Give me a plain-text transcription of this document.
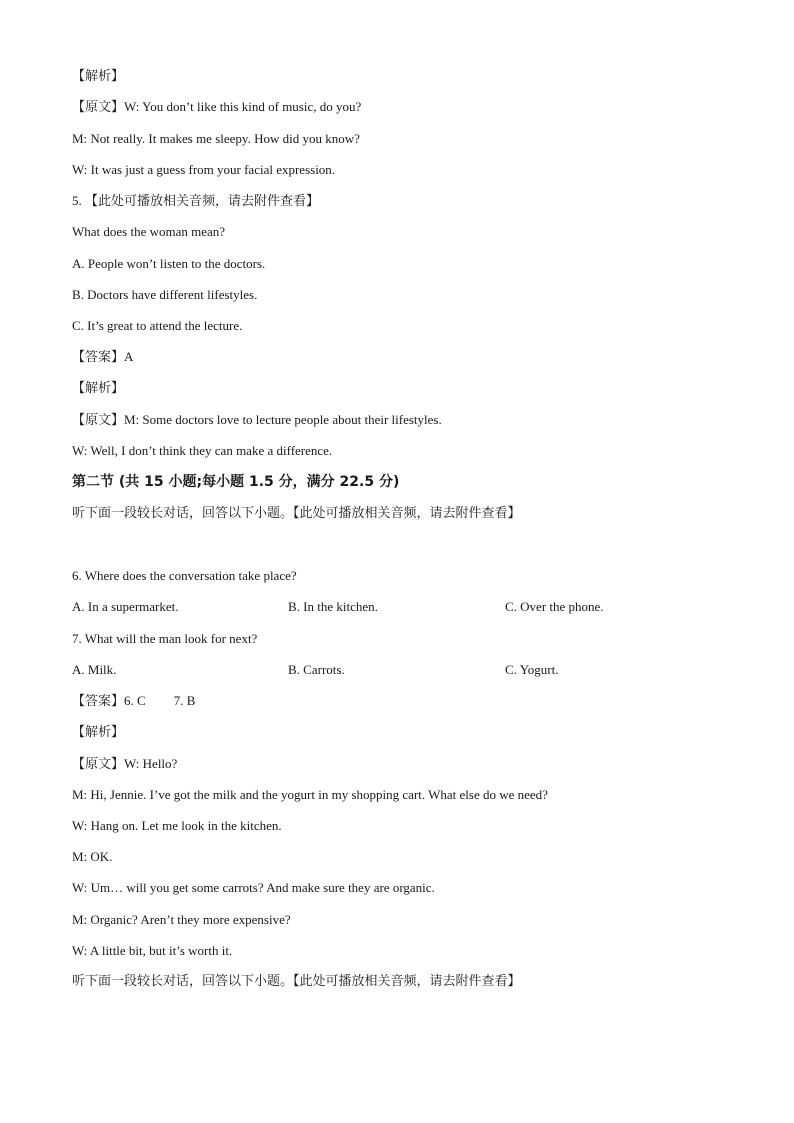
【解析】
【原文】W: You don’t like this kind of music, do you?
M: Not really. It makes me sleepy. How did you know?
W: It was just a guess from your facial expression.
5. 【此处可播放相关音频，请去附件查看】
What does the woman mean?
A. People won’t listen to the doctors.
B. Doctors have different lifestyles.
C. It’s great to attend the lecture.
【答案】A
【解析】
【原文】M: Some doctors love to lecture people about their lifestyles.
W: Well, I don’t think they can make a difference.
第二节 (共 15 小题;每小题 1.5 分，满分 22.5 分)
听下面一段较长对话，回答以下小题。【此处可播放相关音频，请去附件查看】
6. Where does the conversation take place?
A. In a supermarket.	B. In the kitchen.	C. Over the phone.
7. What will the man look for next?
A. Milk.	B. Carrots.	C. Yogurt.
【答案】6. C 7. B
【解析】
【原文】W: Hello?
M: Hi, Jennie. I’ve got the milk and the yogurt in my shopping cart. What else do we need?
W: Hang on. Let me look in the kitchen.
M: OK.
W: Um… will you get some carrots? And make sure they are organic.
M: Organic? Aren’t they more expensive?
W: A little bit, but it’s worth it.
听下面一段较长对话，回答以下小题。【此处可播放相关音频，请去附件查看】
